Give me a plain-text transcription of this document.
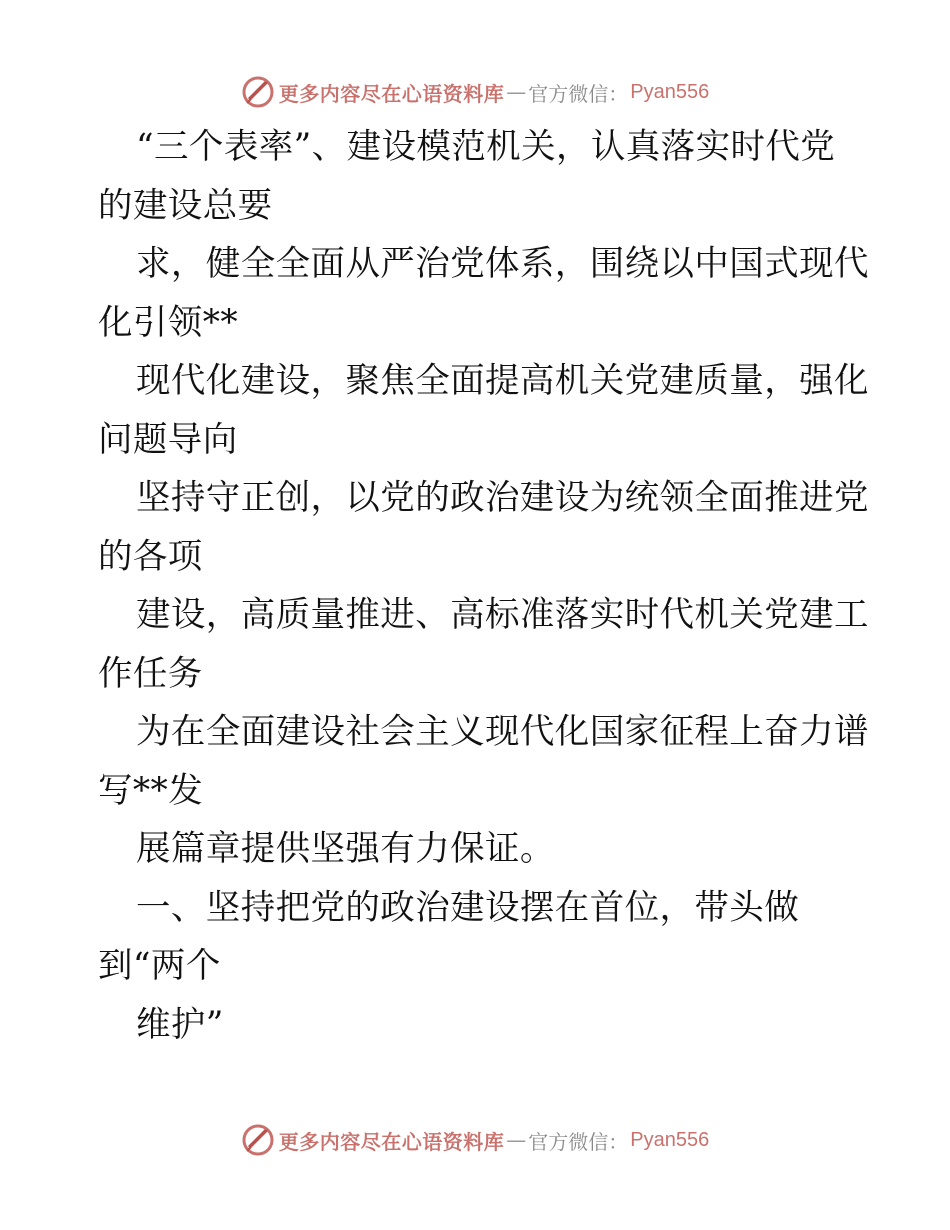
更多内容尽在心语资料库 — 官方微信： Pyan556
“三个表率”、建设模范机关，认真落实时代党
的建设总要
求，健全全面从严治党体系，围绕以中国式现代
化引领**
现代化建设，聚焦全面提高机关党建质量，强化
问题导向
坚持守正创，以党的政治建设为统领全面推进党
的各项
建设，高质量推进、高标准落实时代机关党建工
作任务
为在全面建设社会主义现代化国家征程上奋力谱
写**发
展篇章提供坚强有力保证。
一、坚持把党的政治建设摆在首位，带头做
到“两个
维护”
更多内容尽在心语资料库 — 官方微信： Pyan556
